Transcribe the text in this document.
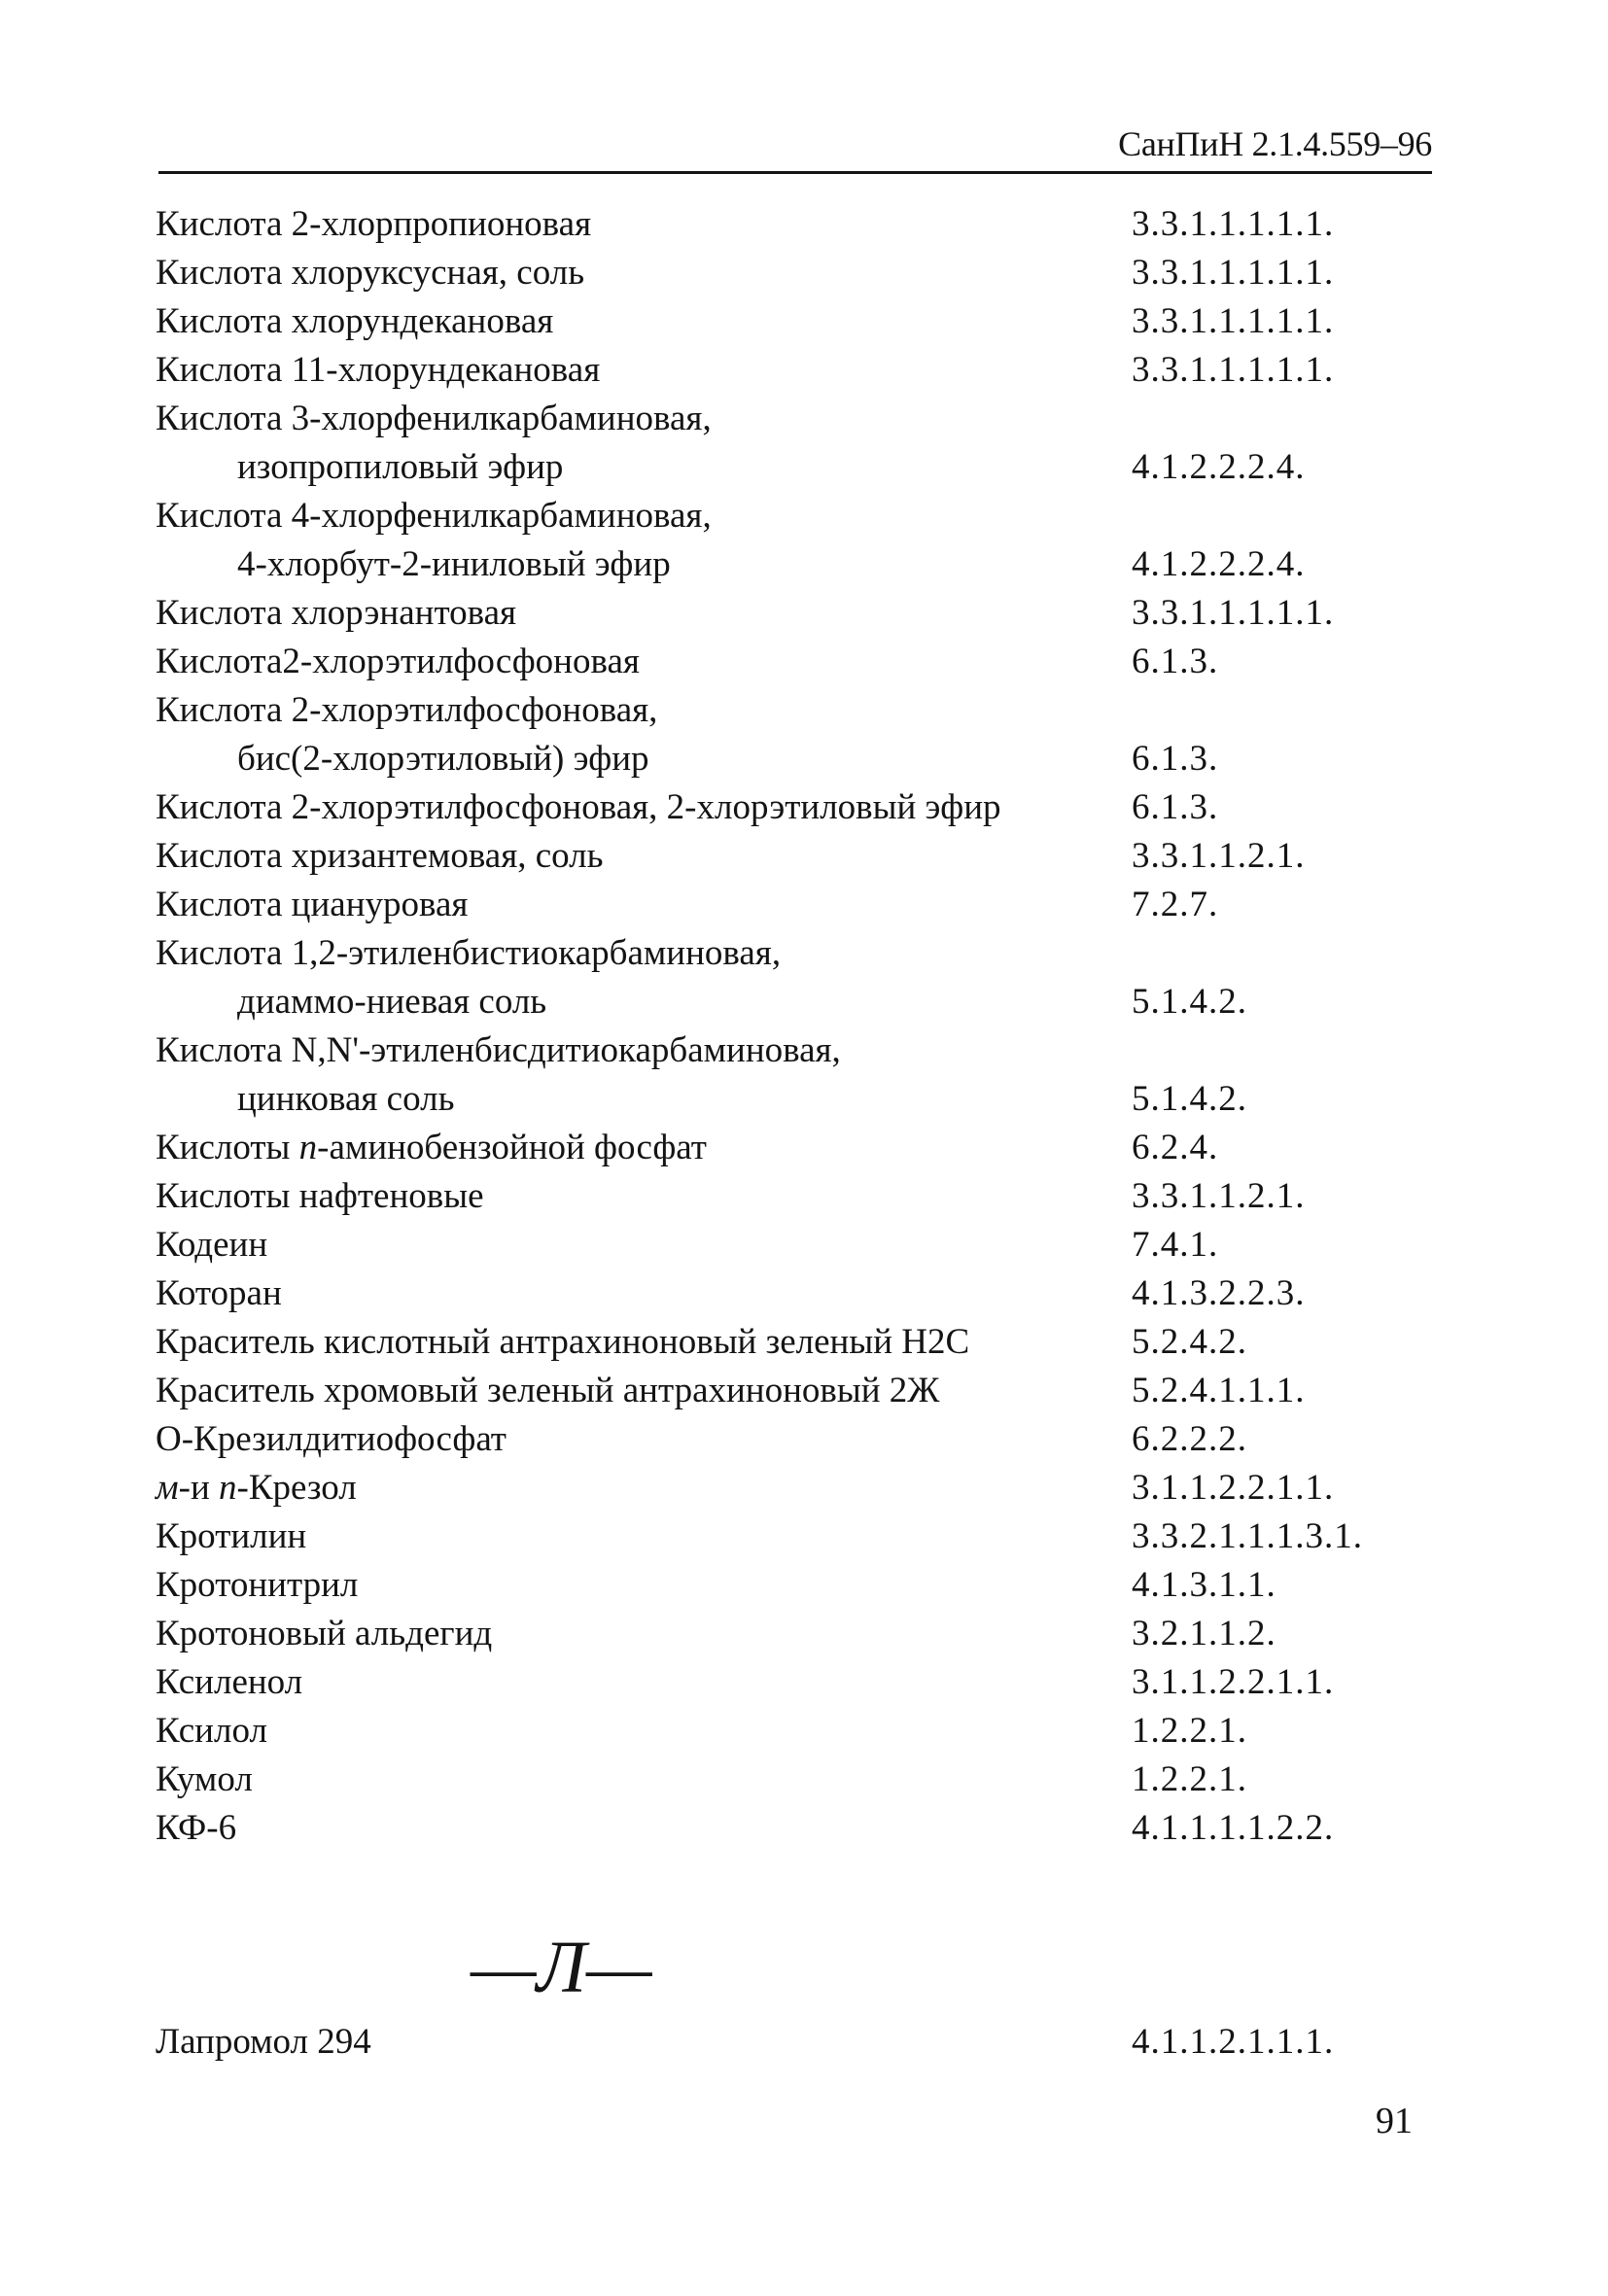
СанПиН 2.1.4.559–96
Кислота 2-хлорпропионовая	3.3.1.1.1.1.1.
Кислота хлоруксусная, соль	3.3.1.1.1.1.1.
Кислота хлорундекановая	3.3.1.1.1.1.1.
Кислота 11-хлорундекановая	3.3.1.1.1.1.1.
Кислота 3-хлорфенилкарбаминовая,
изопропиловый эфир	4.1.2.2.2.4.
Кислота 4-хлорфенилкарбаминовая,
4-хлорбут-2-иниловый эфир	4.1.2.2.2.4.
Кислота хлорэнантовая	3.3.1.1.1.1.1.
Кислота2-хлорэтилфосфоновая	6.1.3.
Кислота 2-хлорэтилфосфоновая,
бис(2-хлорэтиловый) эфир	6.1.3.
Кислота 2-хлорэтилфосфоновая, 2-хлорэтиловый эфир	6.1.3.
Кислота хризантемовая, соль	3.3.1.1.2.1.
Кислота циануровая	7.2.7.
Кислота 1,2-этиленбистиокарбаминовая,
диаммо-ниевая соль	5.1.4.2.
Кислота N,N'-этиленбисдитиокарбаминовая,
цинковая соль	5.1.4.2.
Кислоты n-аминобензойной фосфат	6.2.4.
Кислоты нафтеновые	3.3.1.1.2.1.
Кодеин	7.4.1.
Которан	4.1.3.2.2.3.
Краситель кислотный антрахиноновый зеленый Н2С	5.2.4.2.
Краситель хромовый зеленый антрахиноновый 2Ж	5.2.4.1.1.1.
О-Крезилдитиофосфат	6.2.2.2.
м-и n-Крезол	3.1.1.2.2.1.1.
Кротилин	3.3.2.1.1.1.3.1.
Кротонитрил	4.1.3.1.1.
Кротоновый альдегид	3.2.1.1.2.
Ксиленол	3.1.1.2.2.1.1.
Ксилол	1.2.2.1.
Кумол	1.2.2.1.
КФ-6	4.1.1.1.1.2.2.
—Л—
Лапромол 294	4.1.1.2.1.1.1.
91
